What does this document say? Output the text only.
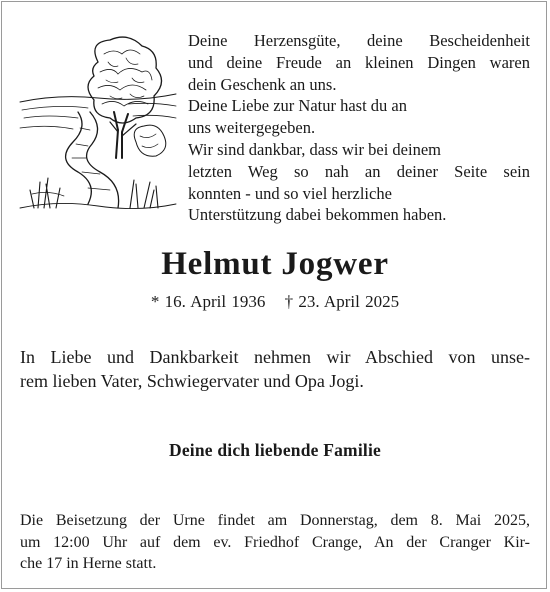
Deine Herzensgüte, deine Bescheidenheit
und deine Freude an kleinen Dingen waren
dein Geschenk an uns.
Deine Liebe zur Natur hast du an
uns weitergegeben.
Wir sind dankbar, dass wir bei deinem
letzten Weg so nah an deiner Seite sein
konnten - und so viel herzliche
Unterstützung dabei bekommen haben.
Helmut Jogwer
* 16. April 1936 † 23. April 2025
In Liebe und Dankbarkeit nehmen wir Abschied von unse-
rem lieben Vater, Schwiegervater und Opa Jogi.
Deine dich liebende Familie
Die Beisetzung der Urne findet am Donnerstag, dem 8. Mai 2025,
um 12:00 Uhr auf dem ev. Friedhof Crange, An der Cranger Kir-
che 17 in Herne statt.
